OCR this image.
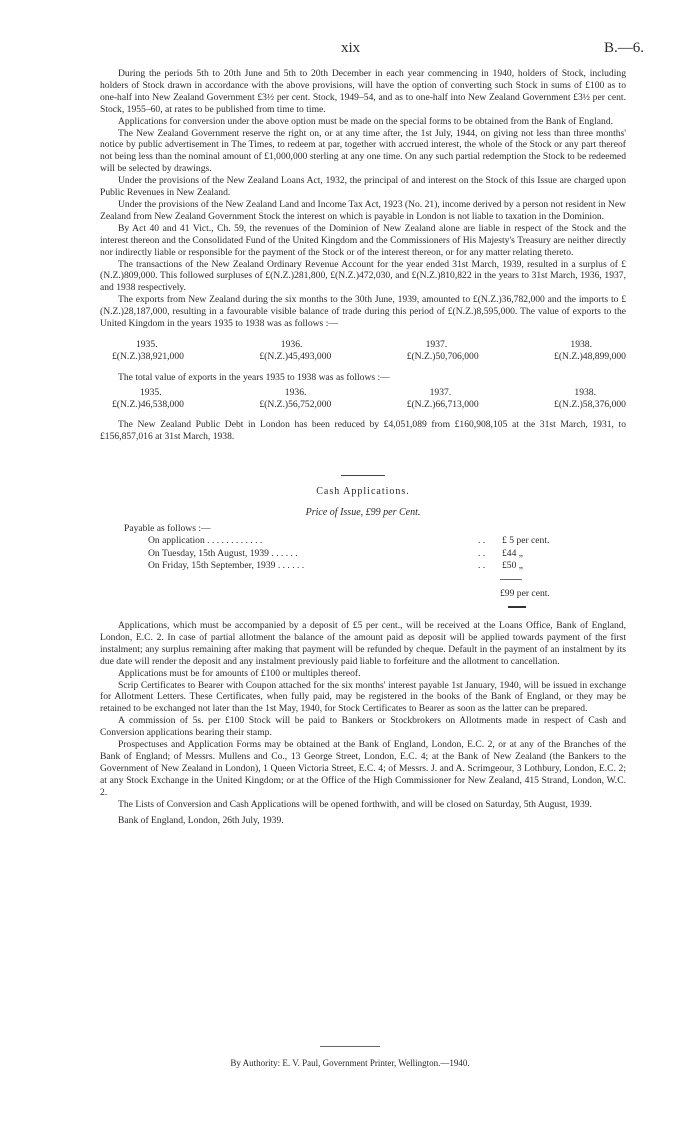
xix	B.—6.

During the periods 5th to 20th June and 5th to 20th December in each year commencing in 1940, holders of Stock, including holders of Stock drawn in accordance with the above provisions, will have the option of converting such Stock in sums of £100 as to one-half into New Zealand Government £3½ per cent. Stock, 1949–54, and as to one-half into New Zealand Government £3½ per cent. Stock, 1955–60, at rates to be published from time to time.

Applications for conversion under the above option must be made on the special forms to be obtained from the Bank of England.

The New Zealand Government reserve the right on, or at any time after, the 1st July, 1944, on giving not less than three months' notice by public advertisement in The Times, to redeem at par, together with accrued interest, the whole of the Stock or any part thereof not being less than the nominal amount of £1,000,000 sterling at any one time. On any such partial redemption the Stock to be redeemed will be selected by drawings.

Under the provisions of the New Zealand Loans Act, 1932, the principal of and interest on the Stock of this Issue are charged upon Public Revenues in New Zealand.

Under the provisions of the New Zealand Land and Income Tax Act, 1923 (No. 21), income derived by a person not resident in New Zealand from New Zealand Government Stock the interest on which is payable in London is not liable to taxation in the Dominion.

By Act 40 and 41 Vict., Ch. 59, the revenues of the Dominion of New Zealand alone are liable in respect of the Stock and the interest thereon and the Consolidated Fund of the United Kingdom and the Commissioners of His Majesty's Treasury are neither directly nor indirectly liable or responsible for the payment of the Stock or of the interest thereon, or for any matter relating thereto.

The transactions of the New Zealand Ordinary Revenue Account for the year ended 31st March, 1939, resulted in a surplus of £(N.Z.)809,000. This followed surpluses of £(N.Z.)281,800, £(N.Z.)472,030, and £(N.Z.)810,822 in the years to 31st March, 1936, 1937, and 1938 respectively.

The exports from New Zealand during the six months to the 30th June, 1939, amounted to £(N.Z.)36,782,000 and the imports to £(N.Z.)28,187,000, resulting in a favourable visible balance of trade during this period of £(N.Z.)8,595,000. The value of exports to the United Kingdom in the years 1935 to 1938 was as follows :—

1935.	1936.	1937.	1938.
£(N.Z.)38,921,000	£(N.Z.)45,493,000	£(N.Z.)50,706,000	£(N.Z.)48,899,000

The total value of exports in the years 1935 to 1938 was as follows :—

1935.	1936.	1937.	1938.
£(N.Z.)46,538,000	£(N.Z.)56,752,000	£(N.Z.)66,713,000	£(N.Z.)58,376,000

The New Zealand Public Debt in London has been reduced by £4,051,089 from £160,908,105 at the 31st March, 1931, to £156,857,016 at 31st March, 1938.

Cash Applications.
Price of Issue, £99 per Cent.
Payable as follows :—
On application . . . . . . . . . . . .	. .	£ 5 per cent.
On Tuesday, 15th August, 1939 . . . . . .	. .	£44 „
On Friday, 15th September, 1939 . . . . . .	. .	£50 „
£99 per cent.

Applications, which must be accompanied by a deposit of £5 per cent., will be received at the Loans Office, Bank of England, London, E.C. 2. In case of partial allotment the balance of the amount paid as deposit will be applied towards payment of the first instalment; any surplus remaining after making that payment will be refunded by cheque. Default in the payment of an instalment by its due date will render the deposit and any instalment previously paid liable to forfeiture and the allotment to cancellation.

Applications must be for amounts of £100 or multiples thereof.

Scrip Certificates to Bearer with Coupon attached for the six months' interest payable 1st January, 1940, will be issued in exchange for Allotment Letters. These Certificates, when fully paid, may be registered in the books of the Bank of England, or they may be retained to be exchanged not later than the 1st May, 1940, for Stock Certificates to Bearer as soon as the latter can be prepared.

A commission of 5s. per £100 Stock will be paid to Bankers or Stockbrokers on Allotments made in respect of Cash and Conversion applications bearing their stamp.

Prospectuses and Application Forms may be obtained at the Bank of England, London, E.C. 2, or at any of the Branches of the Bank of England; of Messrs. Mullens and Co., 13 George Street, London, E.C. 4; at the Bank of New Zealand (the Bankers to the Government of New Zealand in London), 1 Queen Victoria Street, E.C. 4; of Messrs. J. and A. Scrimgeour, 3 Lothbury, London, E.C. 2; at any Stock Exchange in the United Kingdom; or at the Office of the High Commissioner for New Zealand, 415 Strand, London, W.C. 2.

The Lists of Conversion and Cash Applications will be opened forthwith, and will be closed on Saturday, 5th August, 1939.

Bank of England, London, 26th July, 1939.

By Authority: E. V. Paul, Government Printer, Wellington.—1940.
